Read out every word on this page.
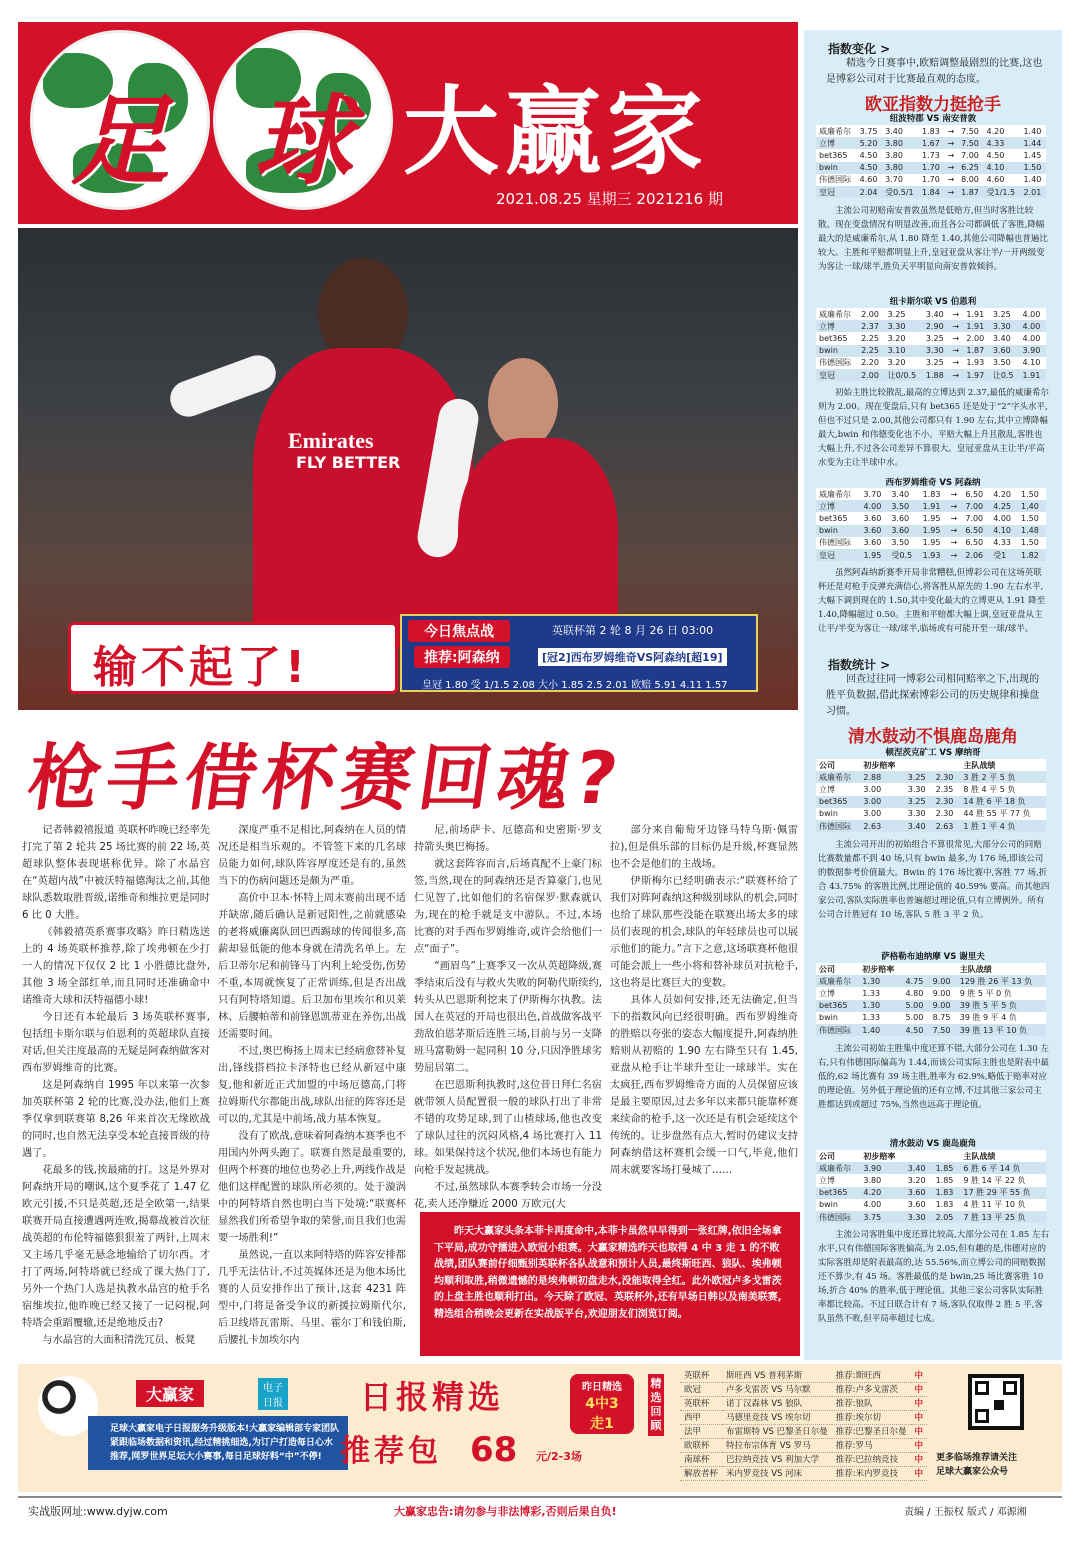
足 球 大赢家
2021.08.25 星期三 2021216 期
Emirates
FLY BETTER
输不起了!
今日焦点战	英联杯第 2 轮 8 月 26 日 03:00
推荐:阿森纳	[冠2]西布罗姆维奇VS阿森纳[超19]
皇冠 1.80 受 1/1.5 2.08 大小 1.85 2.5 2.01 欧赔 5.91 4.11 1.57
枪手借杯赛回魂?

记者韩毅禧报道 英联杯昨晚已经率先打完了第 2 轮共 25 场比赛的前 22 场,英超球队整体表现堪称优异。除了水晶宫在“英超内战”中被沃特福德淘汰之前,其他球队悉数取胜晋级,诺维奇和维拉更是同时 6 比 0 大胜。

《韩毅禧英系赛事攻略》昨日精选送上的 4 场英联杯推荐,除了埃弗顿在少打一人的情况下仅仅 2 比 1 小胜德比盘外,其他 3 场全部红单,而且同时还准确命中诺维奇大球和沃特福德小球!

今日还有本轮最后 3 场英联杯赛事,包括纽卡斯尔联与伯恩利的英超球队直接对话,但关注度最高的无疑是阿森纳做客对西布罗姆维奇的比赛。

这是阿森纳自 1995 年以来第一次参加英联杯第 2 轮的比赛,没办法,他们上赛季仅拿到联赛第 8,26 年来首次无缘欧战的同时,也自然无法享受本轮直接晋级的待遇了。

花最多的钱,挨最痛的打。这是外界对阿森纳开局的嘲讽,这个夏季花了 1.47 亿欧元引援,不只是英超,还是全欧第一,结果联赛开局直接遭遇两连败,揭幕战被首次征战英超的布伦特福德狠狠羞了两针,上周末又主场几乎毫无悬念地输给了切尔西。才打了两场,阿特塔就已经成了课大热门了,另外一个热门人选是执教水晶宫的枪手名宿维埃拉,他昨晚已经又接了一记闷棍,阿特塔会重蹈覆辙,还是绝地反击?

与水晶宫的大面积清洗冗员、板凳

深度严重不足相比,阿森纳在人员的情况还是相当乐观的。不管签下来的几名球员能力如何,球队阵容厚度还是有的,虽然当下的伤病问题还是颇为严重。

高价中卫本·怀特上周末赛前出现不适并缺席,随后确认是新冠阳性,之前就感染的老将威廉离队回巴西踢球的传闻很多,高薪却显低能的他本身就在清洗名单上。左后卫蒂尔尼和前锋马丁内利上轮受伤,伤势不重,本周就恢复了正常训练,但是否出战只有阿特塔知道。后卫加布里埃尔和贝莱林、后腰帕蒂和前锋恩凯蒂亚在养伤,出战还需要时间。

不过,奥巴梅扬上周末已经病愈替补复出,锋线搭档拉卡泽特也已经从新冠中康复,他和新近正式加盟的中场厄德高,门将拉姆斯代尔都能出战,球队出征的阵容还是可以的,尤其是中前场,战力基本恢复。

没有了欧战,意味着阿森纳本赛季也不用国内外两头跑了。联赛自然是最重要的,但两个杯赛的地位也势必上升,两线作战是他们这样配置的球队所必须的。处于漩涡中的阿特塔自然也明白当下处境:“联赛杯显然我们所希望争取的荣誉,而且我们也需要一场胜利!”

虽然说,一直以来阿特塔的阵容安排都几乎无法估计,不过英媒体还是为他本场比赛的人员安排作出了预计,这套 4231 阵型中,门将是备受争议的新援拉姆斯代尔,后卫线塔瓦雷斯、马里、霍尔丁和钱伯斯,后腰扎卡加埃尔内

尼,前场萨卡、厄德高和史密斯·罗支持箭头奥巴梅扬。

就这套阵容而言,后场真配不上豪门标签,当然,现在的阿森纳还是否算豪门,也见仁见智了,比如他们的名宿保罗·默森就认为,现在的枪手就是支中游队。不过,本场比赛的对手西布罗姆维奇,或许会给他们一点“面子”。

“画眉鸟”上赛季又一次从英超降级,赛季结束后没有与救火失败的阿勒代斯续约,转头从巴恩斯利挖来了伊斯梅尔执教。法国人在英冠的开局也很出色,首战做客战平劲敌伯恩茅斯后连胜三场,目前与另一支降班马富勒姆一起同积 10 分,只因净胜球劣势屈居第二。

在巴恩斯利执教时,这位昔日拜仁名宿就带领人员配置很一般的球队打出了非常不错的攻势足球,到了山楂球场,他也改变了球队过往的沉闷风格,4 场比赛打入 11 球。如果保持这个状况,他们本场也有能力向枪手发起挑战。

不过,虽然球队本赛季转会市场一分没花,卖人还净赚近 2000 万欧元(大

部分来自葡萄牙边锋马特乌斯·佩雷拉),但是俱乐部的目标仍是升级,杯赛显然也不会是他们的主战场。

伊斯梅尔已经明确表示:“联赛杯给了我们对阵阿森纳这种级别球队的机会,同时也给了球队那些没能在联赛出场太多的球员们表现的机会,球队的年轻球员也可以展示他们的能力。”言下之意,这场联赛杯他很可能会派上一些小将和替补球员对抗枪手,这也将是比赛巨大的变数。

具体人员如何安排,还无法确定,但当下的指数风向已经很明确。西布罗姆维奇的胜赔以夸张的姿态大幅度提升,阿森纳胜赔则从初赔的 1.90 左右降至只有 1.45,亚盘从枪手让半球升至让一球球半。实在太疯狂,西布罗姆维奇方面的人员保留应该是最主要原因,过去多年以来都只能靠杯赛来续命的枪手,这一次还是有机会延续这个传统的。让步盘然有点大,暂时仍建议支持阿森纳借这杯赛机会缓一口气,毕竟,他们周末就要客场打曼城了……

昨天大赢家头条本菲卡再度命中,本菲卡虽然早早得到一张红牌,依旧全场拿下平局,成功守擂进入欧冠小组赛。大赢家精选昨天也取得 4 中 3 走 1 的不败战绩,团队赛前仔细甄别英联杯各队战意和预计人员,最终斯旺西、狼队、埃弗顿均顺利取胜,稍微遗憾的是埃弗顿初盘走水,没能取得全红。此外欧冠卢多戈雷茨的上盘主胜也顺利打出。今天除了欧冠、英联杯外,还有早场日韩以及南美联赛,精选组合稍晚会更新在实战版平台,欢迎朋友们浏览订阅。
指数变化 >
精选今日赛事中,欧赔调整最剧烈的比赛,这也是博彩公司对于比赛最直观的态度。
欧亚指数力挺抢手
纽波特郡 VS 南安普敦
威廉希尔	3.75	3.40	1.83	→	7.50	4.20	1.40
立博	5.20	3.80	1.67	→	7.50	4.33	1.44
bet365	4.50	3.80	1.73	→	7.00	4.50	1.45
bwin	4.50	3.80	1.70	→	6.25	4.10	1.50
伟德国际	4.60	3.70	1.70	→	8.00	4.60	1.40
皇冠	2.04	受0.5/1	1.84	→	1.87	受1/1.5	2.01
主流公司初赔南安普敦虽然是低赔方,但当时客胜比较散。现在变盘情况有明显改善,而且各公司都调低了客胜,降幅最大的是威廉希尔,从 1.80 降至 1.40,其他公司降幅也普遍比较大。主胜和平赔都明显上升,皇冠亚盘从客让半/一开两级变为客让一球/球半,胜负天平明显向南安普敦倾斜。
纽卡斯尔联 VS 伯恩利
威廉希尔	2.00	3.25	3.40	→	1.91	3.25	4.00
立博	2.37	3.30	2.90	→	1.91	3.30	4.00
bet365	2.25	3.20	3.25	→	2.00	3.40	4.00
bwin	2.25	3.10	3.30	→	1.87	3.60	3.90
伟德国际	2.20	3.20	3.25	→	1.93	3.50	4.10
皇冠	2.00	让0/0.5	1.88	→	1.97	让0.5	1.91
初始主胜比较散乱,最高的立博达到 2.37,最低的威廉希尔则为 2.00。现在变盘后,只有 bet365 还是处于“2”字头水平,但也不过只是 2.00,其他公司都只有 1.90 左右,其中立博降幅最大,bwin 和伟德变化也不小。平赔大幅上升且散乱,客胜也大幅上升,不过各公司差异不算很大。皇冠亚盘从主让半/平高水变为主让半球中水。
西布罗姆维奇 VS 阿森纳
威廉希尔	3.70	3.40	1.83	→	6.50	4.20	1.50
立博	4.00	3.50	1.91	→	7.00	4.25	1.40
bet365	3.60	3.60	1.95	→	7.00	4.00	1.50
bwin	3.60	3.60	1.95	→	6.50	4.10	1.48
伟德国际	3.60	3.50	1.95	→	6.50	4.33	1.50
皇冠	1.95	受0.5	1.93	→	2.06	受1	1.82
虽然阿森纳新赛季开局非常糟糕,但博彩公司在这场英联杯还是对枪手反弹充满信心,将客胜从原先的 1.90 左右水平,大幅下调到现在的 1.50,其中变化最大的立博更从 1.91 降至 1.40,降幅超过 0.50。主胜和平赔都大幅上调,皇冠亚盘从主让平/半变为客让一球/球半,临场或有可能开至一球/球半。
指数统计 >
回查过往同一博彩公司相同赔率之下,出现的胜平负数据,借此探索博彩公司的历史规律和操盘习惯。
清水鼓动不惧鹿岛鹿角
顿涅茨克矿工 VS 摩纳哥
公司	初步赔率			主队战绩
威廉希尔	2.88	3.25	2.30	3 胜 2 平 5 负
立博	3.00	3.30	2.35	8 胜 4 平 5 负
bet365	3.00	3.25	2.30	14 胜 6 平 18 负
bwin	3.00	3.30	2.30	44 胜 55 平 77 负
伟德国际	2.63	3.40	2.63	1 胜 1 平 4 负
主流公司开出的初始组合不算很常见,大部分公司的同赔比赛数量都不到 40 场,只有 bwin 最多,为 176 场,即该公司的数据参考价值最大。Bwin 的 176 场比赛中,客胜 77 场,折合 43.75% 的客胜比例,比理论值的 40.59% 要高。而其他四家公司,客队实际胜率也普遍超过理论值,只有立博例外。所有公司合计胜冠有 10 场,客队 5 胜 3 平 2 负。
萨格勒布迪纳摩 VS 谢里夫
公司	初步赔率			主队战绩
威廉希尔	1.30	4.75	9.00	129 胜 26 平 13 负
立博	1.33	4.80	9.00	9 胜 5 平 0 负
bet365	1.30	5.00	9.00	39 胜 5 平 5 负
bwin	1.33	5.00	8.75	39 胜 9 平 4 负
伟德国际	1.40	4.50	7.50	39 胜 13 平 10 负
主流公司初始主胜集中度还算不错,大部分公司在 1.30 左右,只有伟德国际偏高为 1.44,而该公司实际主胜也是附表中最低的,62 场比赛有 39 场主胜,胜率为 62.9%,略低于赔率对应的理论值。另外低于理论值的还有立博,不过其他三家公司主胜都达到或超过 75%,当然也远高于理论值。
清水鼓动 VS 鹿岛鹿角
公司	初步赔率			主队战绩
威廉希尔	3.90	3.40	1.85	6 胜 6 平 14 负
立博	3.80	3.20	1.85	9 胜 14 平 22 负
bet365	4.20	3.60	1.83	17 胜 29 平 55 负
bwin	4.00	3.60	1.83	4 胜 11 平 10 负
伟德国际	3.75	3.30	2.05	7 胜 13 平 25 负
主流公司客胜集中度还算比较高,大部分公司在 1.85 左右水平,只有伟德国际客胜偏高,为 2.05,但有趣的是,伟德对应的实际客胜却是附表最高的,达 55.56%,而立博公司的同赔数据还不算少,有 45 场。客胜最低的是 bwin,25 场比赛客胜 10 场,折合 40% 的胜率,低于理论值。其他三家公司客队实际胜率都比较高。不过日联合计有 7 场,客队仅取得 2 胜 5 平,客队虽然不败,但平局率超过七成。
大赢家	电子日报
足球大赢家电子日报服务升级版本!大赢家编辑部专家团队紧跟临场数据和资讯,经过精挑细选,为订户打造每日心水推荐,网罗世界足坛大小赛事,每日足球好料“中”不停!
日报精选
推荐包
昨日精选
4中3
走1
68 元/2-3场
精选回顾
英联杯	斯旺西 VS 普利茅斯	推荐:斯旺西	中
欧冠	卢多戈雷茨 VS 马尔默	推荐:卢多戈雷茨	中
英联杯	诺丁汉森林 VS 狼队	推荐:狼队	中
西甲	马德里竞技 VS 埃尔切	推荐:埃尔切	中
法甲	布雷斯特 VS 巴黎圣日尔曼	推荐:巴黎圣日尔曼	中
欧联杯	特拉布宗体育 VS 罗马	推荐:罗马	中
南球杯	巴拉纳竞技 VS 利加大学	推荐:巴拉纳竞技	中
解放者杯	米内罗竞技 VS 河床	推荐:米内罗竞技	中
更多临场推荐请关注
足球大赢家公众号
实战版网址:www.dyjw.com	大赢家忠告:请勿参与非法博彩,否则后果自负!	责编 / 王振权 版式 / 邓源湘
